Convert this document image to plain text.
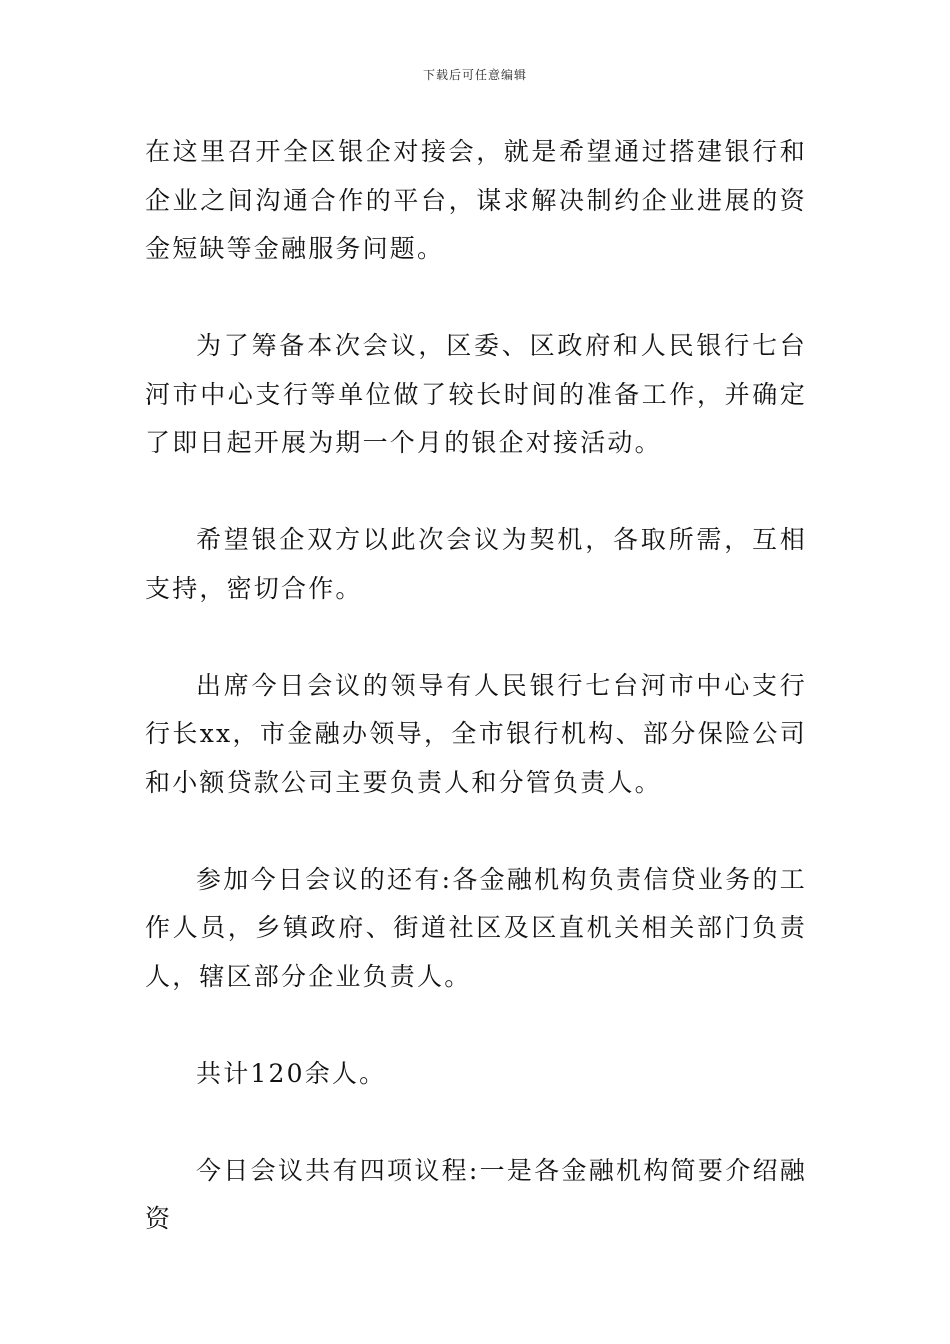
下载后可任意编辑

在这里召开全区银企对接会，就是希望通过搭建银行和企业之间沟通合作的平台，谋求解决制约企业进展的资金短缺等金融服务问题。

为了筹备本次会议，区委、区政府和人民银行七台河市中心支行等单位做了较长时间的准备工作，并确定了即日起开展为期一个月的银企对接活动。

希望银企双方以此次会议为契机，各取所需，互相支持，密切合作。

出席今日会议的领导有人民银行七台河市中心支行行长xx，市金融办领导，全市银行机构、部分保险公司和小额贷款公司主要负责人和分管负责人。

参加今日会议的还有:各金融机构负责信贷业务的工作人员，乡镇政府、街道社区及区直机关相关部门负责人，辖区部分企业负责人。

共计120余人。

今日会议共有四项议程:一是各金融机构简要介绍融资
